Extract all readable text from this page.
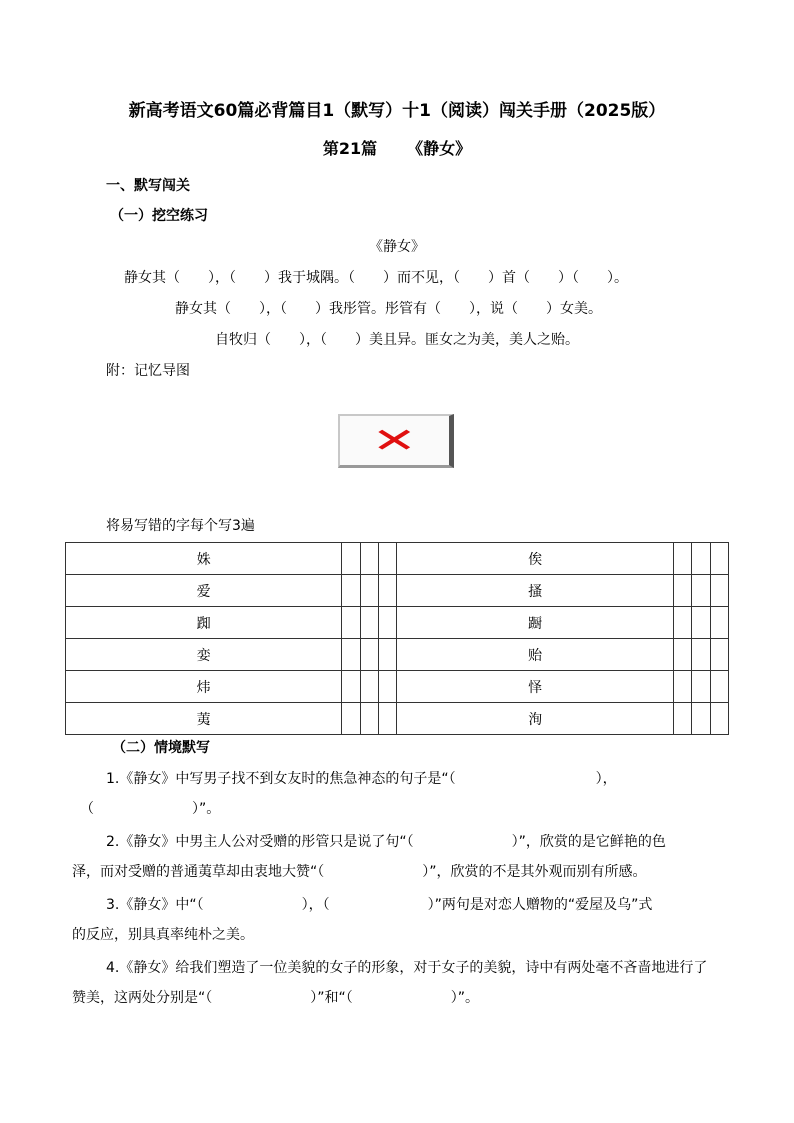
新高考语文60篇必背篇目1（默写）十1（阅读）闯关手册（2025版）
第21篇 《静女》
一、默写闯关
（一）挖空练习
《静女》
静女其（　　），（　　）我于城隅。（　　）而不见，（　　）首（　　）（　　）。
静女其（　　），（　　）我彤管。彤管有（　　），说（　　）女美。
自牧归（　　），（　　）美且异。匪女之为美，美人之贻。
附：记忆导图
✕
将易写错的字每个写3遍
姝				俟			
爱				搔			
踟				蹰			
娈				贻			
炜				怿			
荑				洵			
（二）情境默写
1.《静女》中写男子找不到女友时的焦急神态的句子是“（　　　　　　　　　　），
（　　　　　　　）”。
2.《静女》中男主人公对受赠的彤管只是说了句“（　　　　　　　）”，欣赏的是它鲜艳的色
泽，而对受赠的普通荑草却由衷地大赞“（　　　　　　　）”，欣赏的不是其外观而别有所感。
3.《静女》中“（　　　　　　　），（　　　　　　　）”两句是对恋人赠物的“爱屋及乌”式
的反应，别具真率纯朴之美。
4.《静女》给我们塑造了一位美貌的女子的形象，对于女子的美貌，诗中有两处毫不吝啬地进行了
赞美，这两处分别是“（　　　　　　　）”和“（　　　　　　　）”。
